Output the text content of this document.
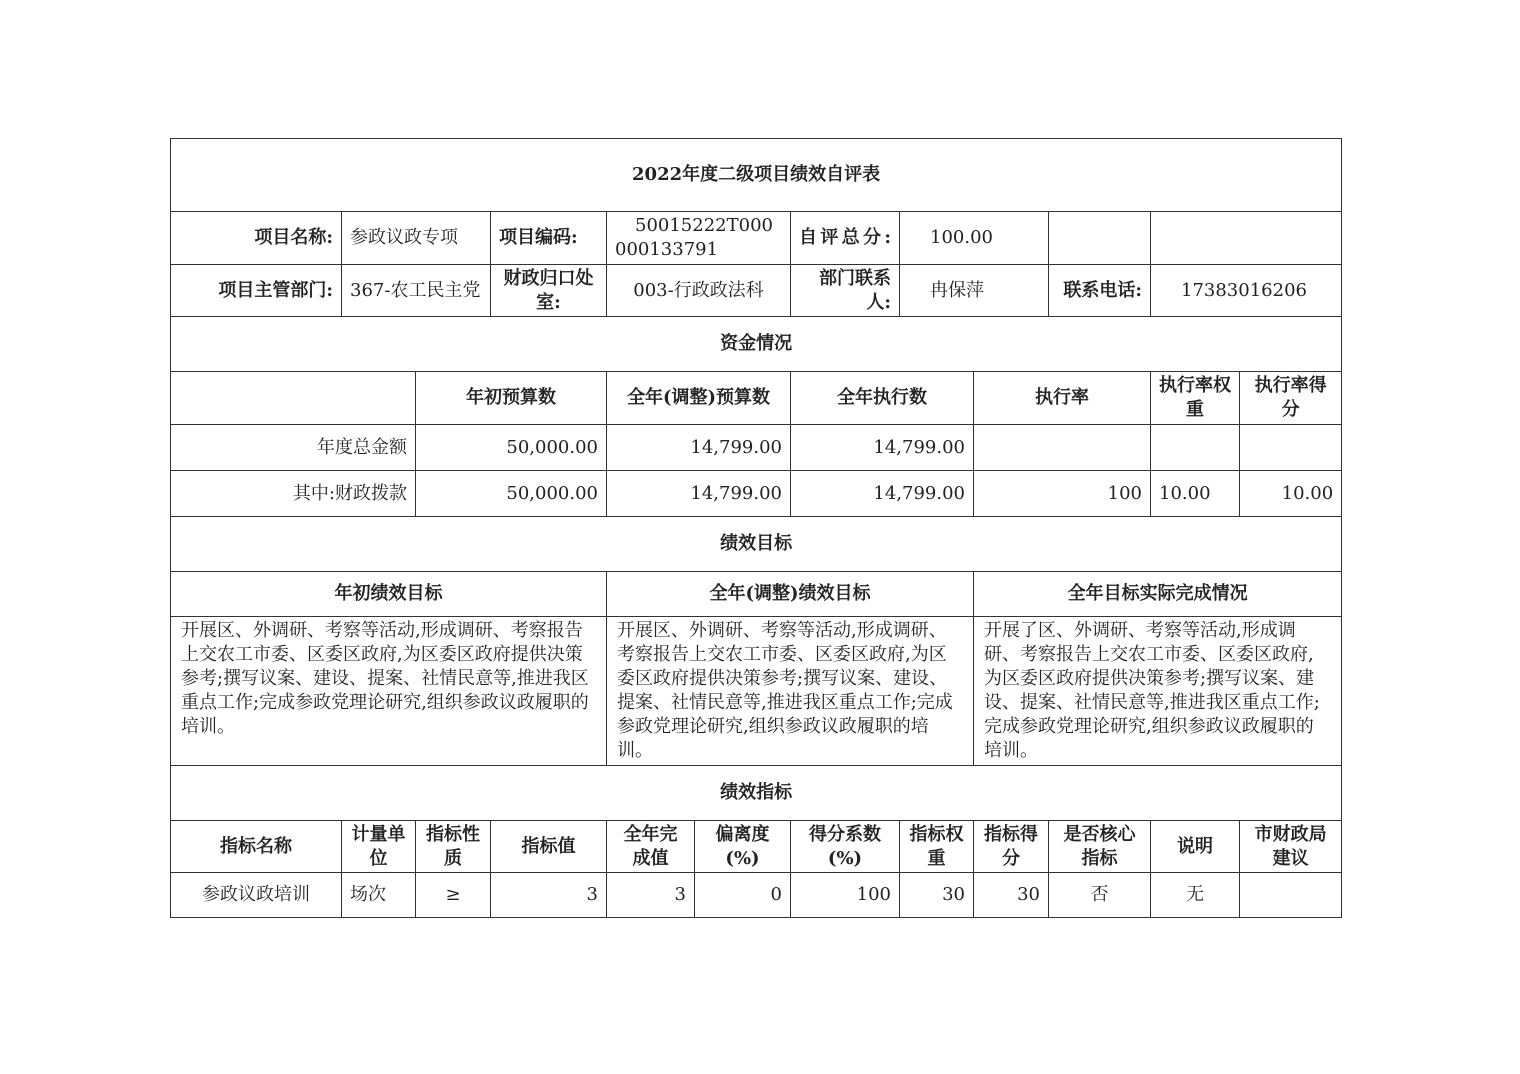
2022年度二级项目绩效自评表											
项目名称:	参政议政专项		项目编码:	50015222T000000133791		自评总分:	100.00				
项目主管部门:	367-农工民主党		财政归口处室:	003-行政政法科		部门联系人:	冉保萍		联系电话:	17383016206	
资金情况											
		年初预算数		全年(调整)预算数		全年执行数		执行率		执行率权重	执行率得分
年度总金额		50,000.00		14,799.00		14,799.00					
其中:财政拨款		50,000.00		14,799.00		14,799.00		100		10.00	10.00
绩效目标											
年初绩效目标				全年(调整)绩效目标				全年目标实际完成情况			
开展区、外调研、考察等活动,形成调研、考察报告上交农工市委、区委区政府,为区委区政府提供决策参考;撰写议案、建设、提案、社情民意等,推进我区重点工作;完成参政党理论研究,组织参政议政履职的培训。				开展区、外调研、考察等活动,形成调研、考察报告上交农工市委、区委区政府,为区委区政府提供决策参考;撰写议案、建设、提案、社情民意等,推进我区重点工作;完成参政党理论研究,组织参政议政履职的培训。				开展了区、外调研、考察等活动,形成调研、考察报告上交农工市委、区委区政府,为区委区政府提供决策参考;撰写议案、建设、提案、社情民意等,推进我区重点工作;完成参政党理论研究,组织参政议政履职的培训。			
绩效指标											
指标名称	计量单位	指标性质	指标值	全年完成值	偏离度(%)	得分系数(%)	指标权重	指标得分	是否核心指标	说明	市财政局建议
参政议政培训	场次	≥	3	3	0	100	30	30	否	无	
